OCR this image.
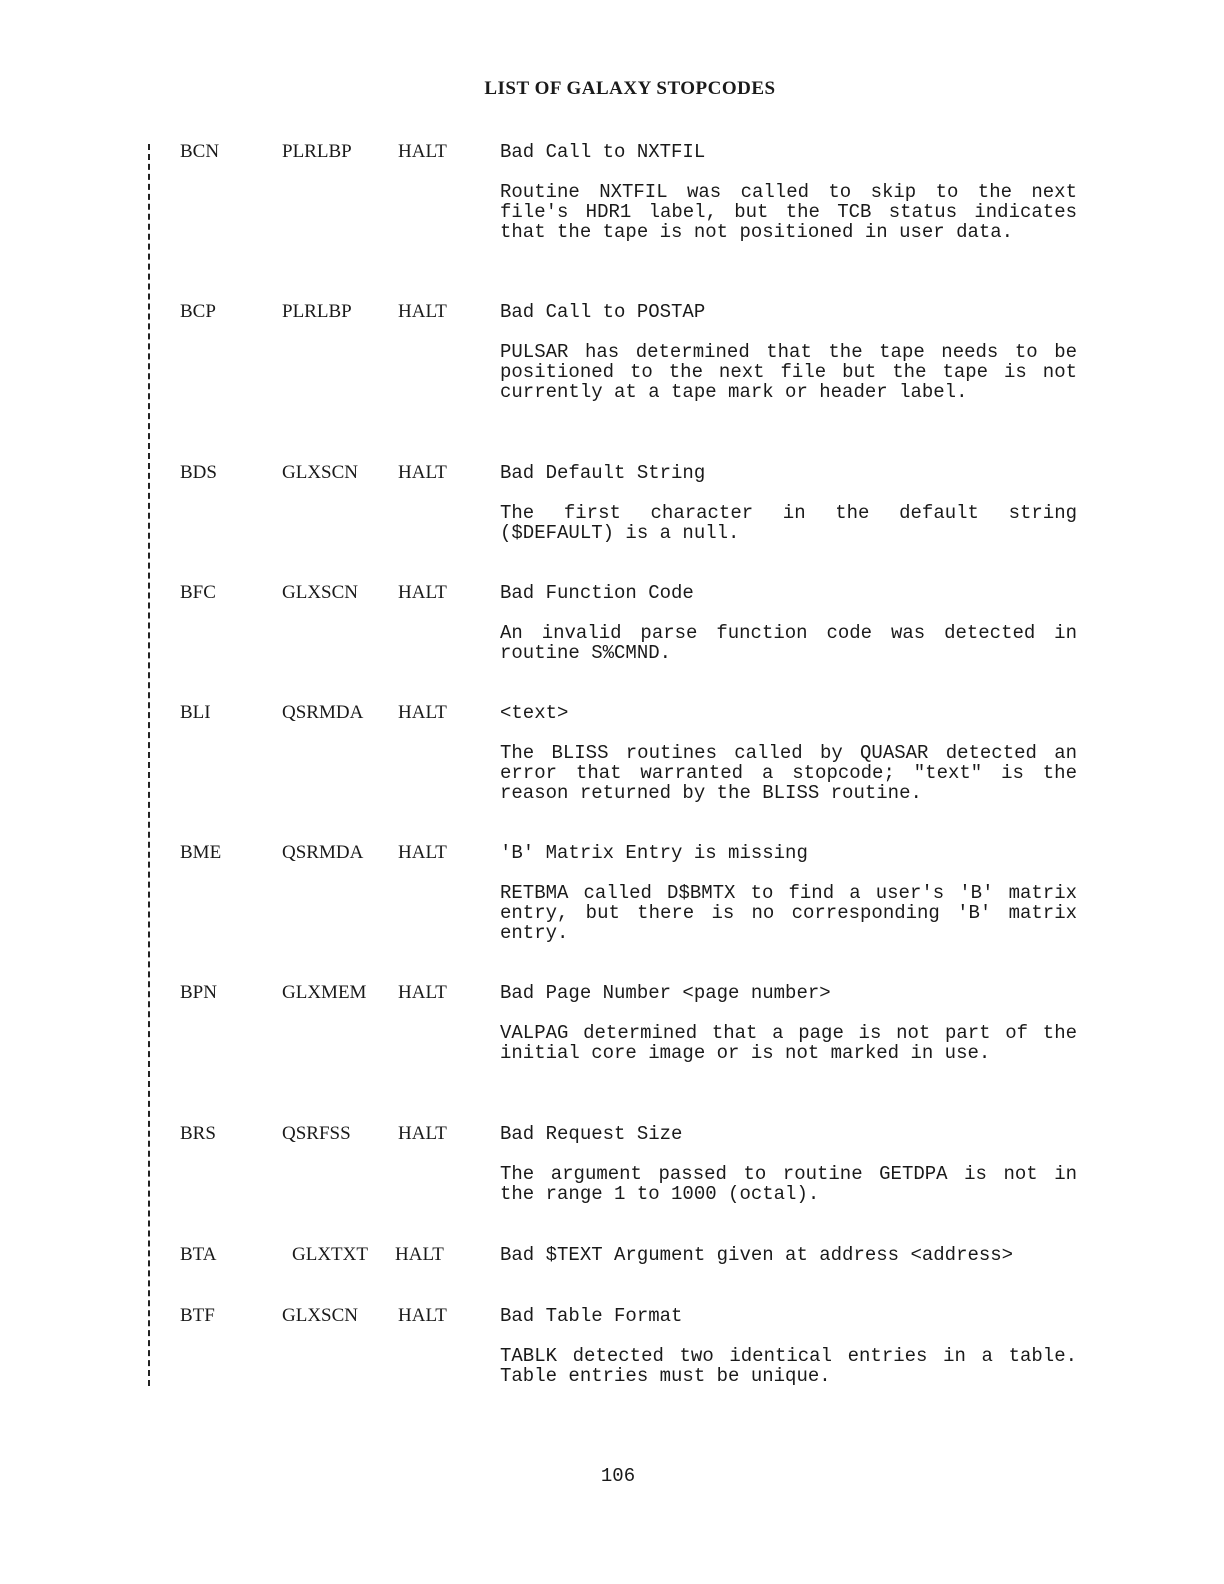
LIST OF GALAXY STOPCODES
BCN	PLRLBP HALT	Bad Call to NXTFIL
Routine NXTFIL was called to skip to the next file's HDR1 label, but the TCB status indicates that the tape is not positioned in user data.
BCP	PLRLBP HALT	Bad Call to POSTAP
PULSAR has determined that the tape needs to be positioned to the next file but the tape is not currently at a tape mark or header label.
BDS	GLXSCN HALT	Bad Default String
The first character in the default string ($DEFAULT) is a null.
BFC	GLXSCN HALT	Bad Function Code
An invalid parse function code was detected in routine S%CMND.
BLI	QSRMDA HALT	<text>
The BLISS routines called by QUASAR detected an error that warranted a stopcode; "text" is the reason returned by the BLISS routine.
BME	QSRMDA HALT	'B' Matrix Entry is missing
RETBMA called D$BMTX to find a user's 'B' matrix entry, but there is no corresponding 'B' matrix entry.
BPN	GLXMEM HALT	Bad Page Number <page number>
VALPAG determined that a page is not part of the initial core image or is not marked in use.
BRS	QSRFSS HALT	Bad Request Size
The argument passed to routine GETDPA is not in the range 1 to 1000 (octal).
BTA	GLXTXT HALT	Bad $TEXT Argument given at address <address>
BTF	GLXSCN HALT	Bad Table Format
TABLK detected two identical entries in a table. Table entries must be unique.
106
